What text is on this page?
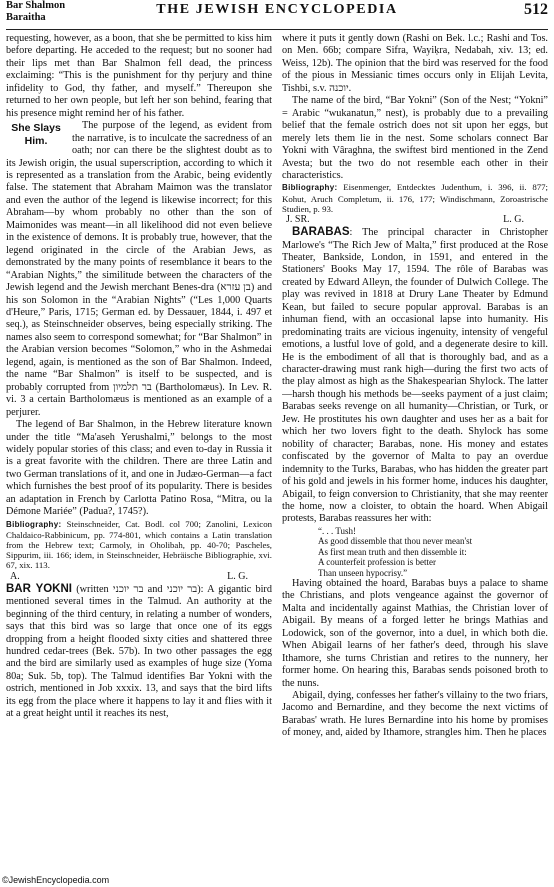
Bar Shalmon
Baraitha
THE JEWISH ENCYCLOPEDIA	512

requesting, however, as a boon, that she be permitted to kiss him before departing. He acceded to the request; but no sooner had their lips met than Bar Shalmon fell dead, the princess exclaiming: “This is the punishment for thy perjury and thine infidelity to God, thy father, and myself.” Thereupon she returned to her own people, but left her son behind, fearing that his presence might remind her of his father.

She Slays Him.

The purpose of the legend, as evident from the narrative, is to inculcate the sacredness of an oath; nor can there be the slightest doubt as to its Jewish origin, the usual superscription, according to which it is represented as a translation from the Arabic, being evidently false. The statement that Abraham Maimon was the translator and even the author of the legend is likewise incorrect; for this Abraham—by whom probably no other than the son of Maimonides was meant—in all likelihood did not even believe in the existence of demons. It is probably true, however, that the legend originated in the circle of the Arabian Jews, as demonstrated by the many points of resemblance it bears to the “Arabian Nights,” the similitude between the characters of the Jewish legend and the Jewish merchant Benes-dra (בן עזרא) and his son Solomon in the “Arabian Nights” (“Les 1,000 Quarts d'Heure,” Paris, 1715; German ed. by Dessauer, 1844, i. 497 et seq.), as Steinschneider observes, being especially striking. The names also seem to correspond somewhat; for “Bar Shalmon” in the Arabian version becomes “Solomon,” who in the Ashmedai legend, again, is mentioned as the son of Bar Shalmon. Indeed, the name “Bar Shalmon” is itself to be suspected, and is probably corrupted from בר תלמיון (Bartholomæus). In Lev. R. vi. 3 a certain Bartholomæus is mentioned as an example of a perjurer.

The legend of Bar Shalmon, in the Hebrew literature known under the title “Ma'aseh Yerushalmi,” belongs to the most widely popular stories of this class; and even to-day in Russia it is a great favorite with the children. There are three Latin and two German translations of it, and one in Judæo-German—a fact which furnishes the best proof of its popularity. There is besides an adaptation in French by Carlotta Patino Rosa, “Mitra, ou la Démone Mariée” (Padua?, 1745?).

Bibliography: Steinschneider, Cat. Bodl. col 700; Zanolini, Lexicon Chaldaico-Rabbinicum, pp. 774-801, which contains a Latin translation from the Hebrew text; Carmoly, in Oholibah, pp. 40-70; Pascheles, Sippurim, iii. 166; idem, in Steinschneider, Hebräische Bibliographie, xvi. 67, xix. 113.

A.	L. G.

BAR YOKNI (written בר יוכני and בר יוכני): A gigantic bird mentioned several times in the Talmud. An authority at the beginning of the third century, in relating a number of wonders, says that this bird was so large that once one of its eggs dropping from a height flooded sixty cities and shattered three hundred cedar-trees (Bek. 57b). In two other passages the egg and the bird are similarly used as examples of huge size (Yoma 80a; Suk. 5b, top). The Talmud identifies Bar Yokni with the ostrich, mentioned in Job xxxix. 13, and says that the bird lifts its egg from the place where it happens to lay it and flies with it at a great height until it reaches its nest,

where it puts it gently down (Rashi on Bek. l.c.; Rashi and Tos. on Men. 66b; compare Sifra, Wayiḳra, Nedabah, xiv. 13; ed. Weiss, 12b). The opinion that the bird was reserved for the food of the pious in Messianic times occurs only in Elijah Levita, Tishbi, s.v. יוכנה.

The name of the bird, “Bar Yokni” (Son of the Nest; “Yokni” = Arabic “wukanatun,” nest), is probably due to a prevailing belief that the female ostrich does not sit upon her eggs, but merely lets them lie in the nest. Some scholars connect Bar Yokni with Vâraghna, the swiftest bird mentioned in the Zend Avesta; but the two do not resemble each other in their characteristics.

Bibliography: Eisenmenger, Entdecktes Judenthum, i. 396, ii. 877; Kohut, Aruch Completum, ii. 176, 177; Windischmann, Zoroastrische Studien, p. 93.

J. SR.	L. G.

BARABAS: The principal character in Christopher Marlowe's “The Rich Jew of Malta,” first produced at the Rose Theater, Bankside, London, in 1591, and entered in the Stationers' Books May 17, 1594. The rôle of Barabas was created by Edward Alleyn, the founder of Dulwich College. The play was revived in 1818 at Drury Lane Theater by Edmund Kean, but failed to secure popular approval. Barabas is an inhuman fiend, with an occasional lapse into humanity. His predominating traits are vicious ingenuity, intensity of vengeful emotions, a lustful love of gold, and a degenerate desire to kill. He is the embodiment of all that is thoroughly bad, and as a character-drawing must rank high—during the first two acts of the play almost as high as the Shakespearian Shylock. The latter—harsh though his methods be—seeks payment of a just claim; Barabas seeks revenge on all humanity—Christian, or Turk, or Jew. He prostitutes his own daughter and uses her as a bait for which her two lovers fight to the death. Shylock has some nobility of character; Barabas, none. His money and estates confiscated by the governor of Malta to pay an overdue indemnity to the Turks, Barabas, who has hidden the greater part of his gold and jewels in his former home, induces his daughter, Abigail, to feign conversion to Christianity, that she may reenter the home, now a cloister, to obtain the hoard. When Abigail protests, Barabas reassures her with:

“. . . Tush!
As good dissemble that thou never mean'st
As first mean truth and then dissemble it:
A counterfeit profession is better
Than unseen hypocrisy.”

Having obtained the hoard, Barabas buys a palace to shame the Christians, and plots vengeance against the governor of Malta and incidentally against Mathias, the Christian lover of Abigail. By means of a forged letter he brings Mathias and Lodowick, son of the governor, into a duel, in which both die. When Abigail learns of her father's deed, through his slave Ithamore, she turns Christian and retires to the nunnery, her former home. On hearing this, Barabas sends poisoned broth to the nuns.

Abigail, dying, confesses her father's villainy to the two friars, Jacomo and Bernardine, and they become the next victims of Barabas' wrath. He lures Bernardine into his home by promises of money, and, aided by Ithamore, strangles him. Then he places

©JewishEncyclopedia.com
